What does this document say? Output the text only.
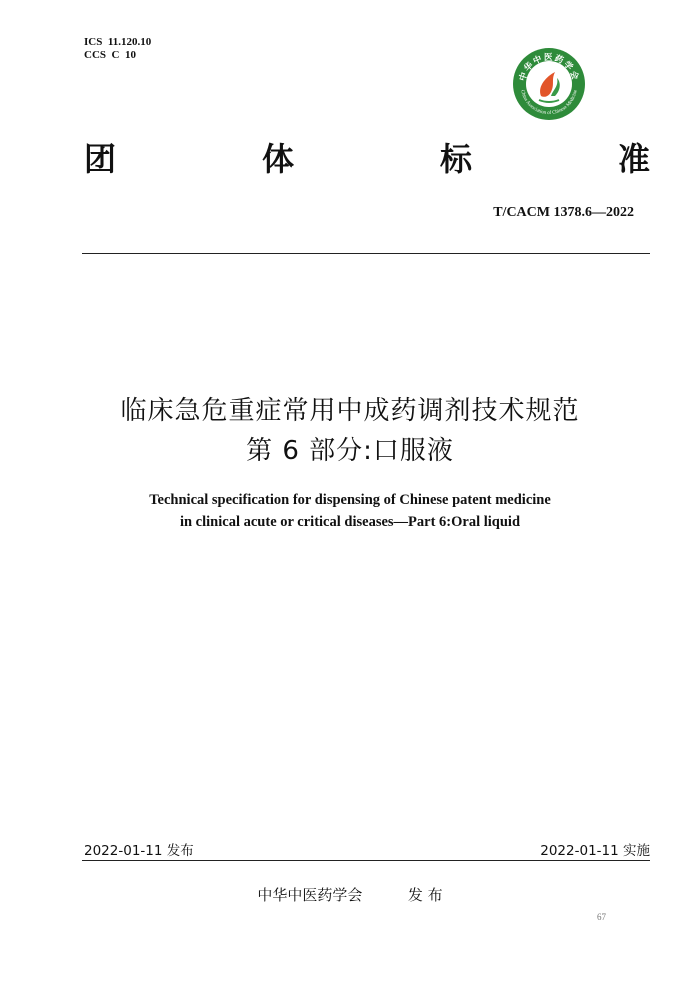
ICS  11.120.10
CCS  C  10
中华中医药学会
China Association of Chinese Medicine
团	体	标	准
T/CACM 1378.6—2022
临床急危重症常用中成药调剂技术规范
第 6 部分:口服液
Technical specification for dispensing of Chinese patent medicine
in clinical acute or critical diseases—Part 6:Oral liquid
2022-01-11 发布	2022-01-11 实施
中华中医药学会	发 布
67
